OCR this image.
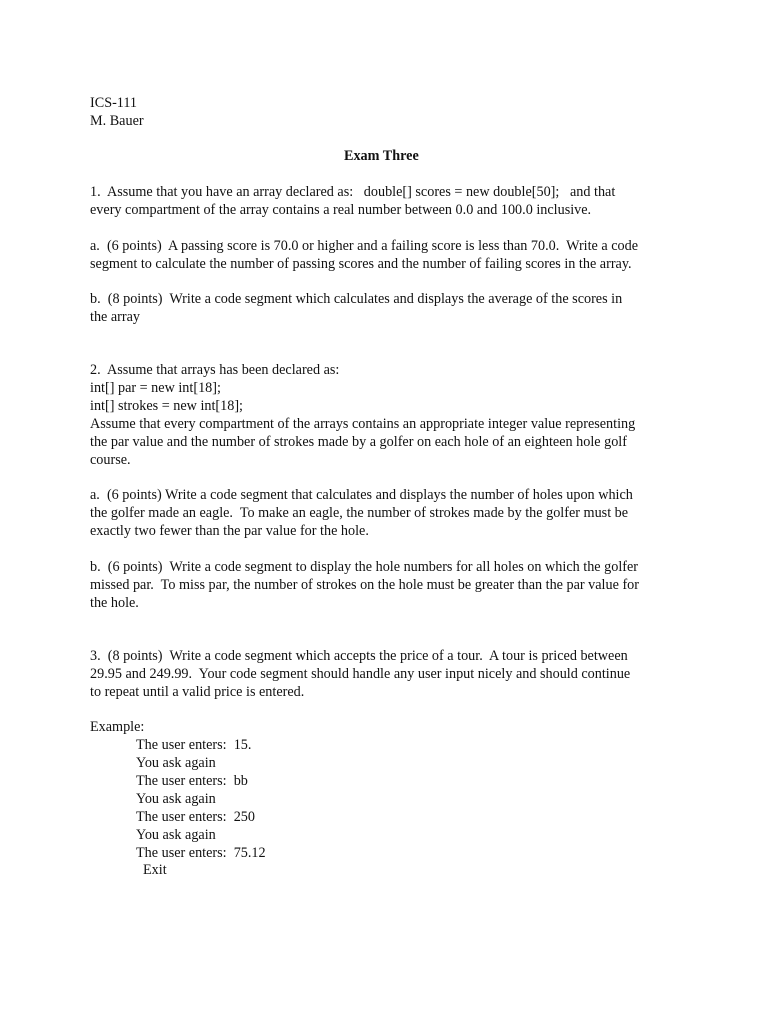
ICS-111
M. Bauer
Exam Three
1.  Assume that you have an array declared as:   double[] scores = new double[50];   and that
every compartment of the array contains a real number between 0.0 and 100.0 inclusive.
a.  (6 points)  A passing score is 70.0 or higher and a failing score is less than 70.0.  Write a code
segment to calculate the number of passing scores and the number of failing scores in the array.
b.  (8 points)  Write a code segment which calculates and displays the average of the scores in
the array
2.  Assume that arrays has been declared as:
int[] par = new int[18];
int[] strokes = new int[18];
Assume that every compartment of the arrays contains an appropriate integer value representing
the par value and the number of strokes made by a golfer on each hole of an eighteen hole golf
course.
a.  (6 points) Write a code segment that calculates and displays the number of holes upon which
the golfer made an eagle.  To make an eagle, the number of strokes made by the golfer must be
exactly two fewer than the par value for the hole.
b.  (6 points)  Write a code segment to display the hole numbers for all holes on which the golfer
missed par.  To miss par, the number of strokes on the hole must be greater than the par value for
the hole.
3.  (8 points)  Write a code segment which accepts the price of a tour.  A tour is priced between
29.95 and 249.99.  Your code segment should handle any user input nicely and should continue
to repeat until a valid price is entered.
Example:
The user enters:  15.
You ask again
The user enters:  bb
You ask again
The user enters:  250
You ask again
The user enters:  75.12
Exit
